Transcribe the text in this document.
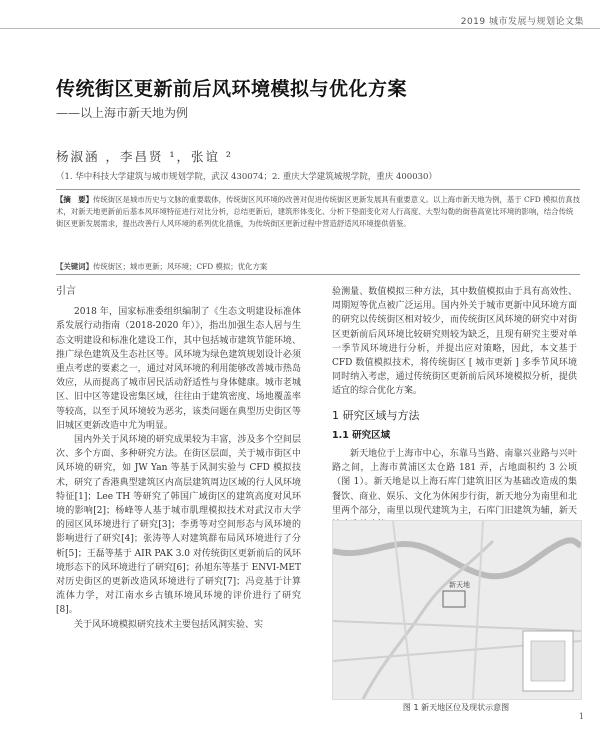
2019 城市发展与规划论文集
传统街区更新前后风环境模拟与优化方案
——以上海市新天地为例
杨淑涵 ，李昌贤 ¹，张谊 ²
（1. 华中科技大学建筑与城市规划学院，武汉 430074；2. 重庆大学建筑城规学院，重庆 400030）
【摘　要】传统街区是城市历史与文脉的重要载体，传统街区风环境的改善对促进传统街区更新发展具有重要意义。以上海市新天地为例，基于 CFD 模拟仿真技术，对新天地更新前后基本风环境特征进行对比分析，总结更新后，建筑形体变化、分析下垫面变化对人行高度、大型勾勒的街巷高宽比环境的影响，结合传统街区更新发展需求，提出改善行人风环境的系列优化措施，为传统街区更新过程中营造舒适风环境提供借鉴。
【关键词】传统街区；城市更新；风环境；CFD 模拟；优化方案
引言

2018 年，国家标准委组织编制了《生态文明建设标准体系发展行动指南（2018-2020 年）》，指出加强生态人居与生态文明建设和标准化建设工作，其中包括城市建筑节能环境、推广绿色建筑及生态社区等。风环境为绿色建筑规划设计必须重点考虑的要素之一，通过对风环境的利用能够改善城市热岛效应，从而提高了城市居民活动舒适性与身体健康。城市老城区、旧中区等建设密集区域，往往由于建筑密度、场地覆盖率等较高，以至于风环境较为恶劣，该类问题在典型历史街区等旧城区更新改造中尤为明显。

国内外关于风环境的研究成果较为丰富，涉及多个空间层次、多个方面、多种研究方法。在街区层面，关于城市街区中风环境的研究，如 JW Yan 等基于风洞实验与 CFD 模拟技术，研究了香港典型建筑区内高层建筑周边区域的行人风环境特征[1]；Lee TH 等研究了韩国广域街区的建筑高度对风环境的影响[2]；杨峰等人基于城市肌理模拟技术对武汉市大学的园区风环境进行了研究[3]；李勇等对空间形态与风环境的影响进行了研究[4]；张涛等人对建筑群布局风环境进行了分析[5]；王磊等基于 AIR PAK 3.0 对传统街区更新前后的风环境形态下的风环境进行了研究[6]；孙旭东等基于 ENVI-MET 对历史街区的更新改造风环境进行了研究[7]；冯竞基于计算流体力学，对江南水乡古镇环境风环境的评价进行了研究[8]。

关于风环境模拟研究技术主要包括风洞实验、实

验测量、数值模拟三种方法，其中数值模拟由于具有高效性、周期短等优点被广泛运用。国内外关于城市更新中风环境方面的研究以传统街区相对较少，而传统街区风环境的研究中对街区更新前后风环境比较研究则较为缺乏，且现有研究主要对单一季节风环境进行分析，并提出应对策略，因此，本文基于 CFD 数值模拟技术，将传统街区 [ 城市更新 ] 多季节风环境同时纳入考虑，通过传统街区更新前后风环境模拟分析，提供适宜的综合优化方案。

1 研究区域与方法
1.1 研究区域

新天地位于上海市中心，东靠马当路、南靠兴业路与兴叶路之间，上海市黄浦区太仓路 181 弄，占地面积约 3 公顷（图 1）。新天地是以上海石库门建筑旧区为基础改造成的集餐饮、商业、娱乐、文化为休闲步行街，新天地分为南里和北里两个部分，南里以现代建筑为主，石库门旧建筑为辅，新天

新天地
图 1 新天地区位及现状示意图
1
